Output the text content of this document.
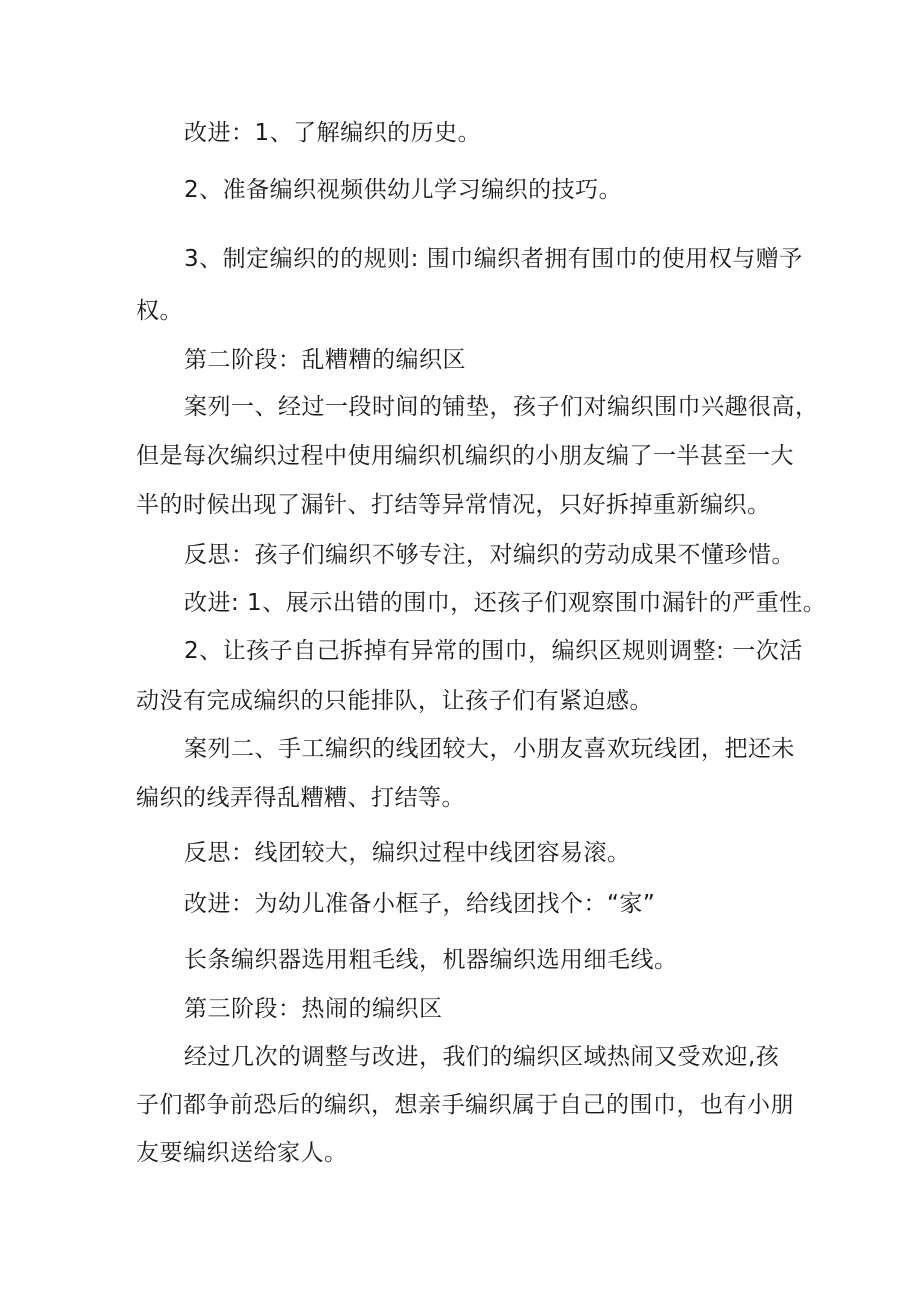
改进：1、了解编织的历史。
2、准备编织视频供幼儿学习编织的技巧。
3、制定编织的的规则: 围巾编织者拥有围巾的使用权与赠予
权。
第二阶段：乱糟糟的编织区
案列一、经过一段时间的铺垫，孩子们对编织围巾兴趣很高，
但是每次编织过程中使用编织机编织的小朋友编了一半甚至一大
半的时候出现了漏针、打结等异常情况，只好拆掉重新编织。
反思：孩子们编织不够专注，对编织的劳动成果不懂珍惜。
改进: 1、展示出错的围巾，还孩子们观察围巾漏针的严重性。
2、让孩子自己拆掉有异常的围巾，编织区规则调整: 一次活
动没有完成编织的只能排队，让孩子们有紧迫感。
案列二、手工编织的线团较大，小朋友喜欢玩线团，把还未
编织的线弄得乱糟糟、打结等。
反思：线团较大，编织过程中线团容易滚。
改进：为幼儿准备小框子，给线团找个：“家”
长条编织器选用粗毛线，机器编织选用细毛线。
第三阶段：热闹的编织区
经过几次的调整与改进，我们的编织区域热闹又受欢迎,孩
子们都争前恐后的编织，想亲手编织属于自己的围巾，也有小朋
友要编织送给家人。
